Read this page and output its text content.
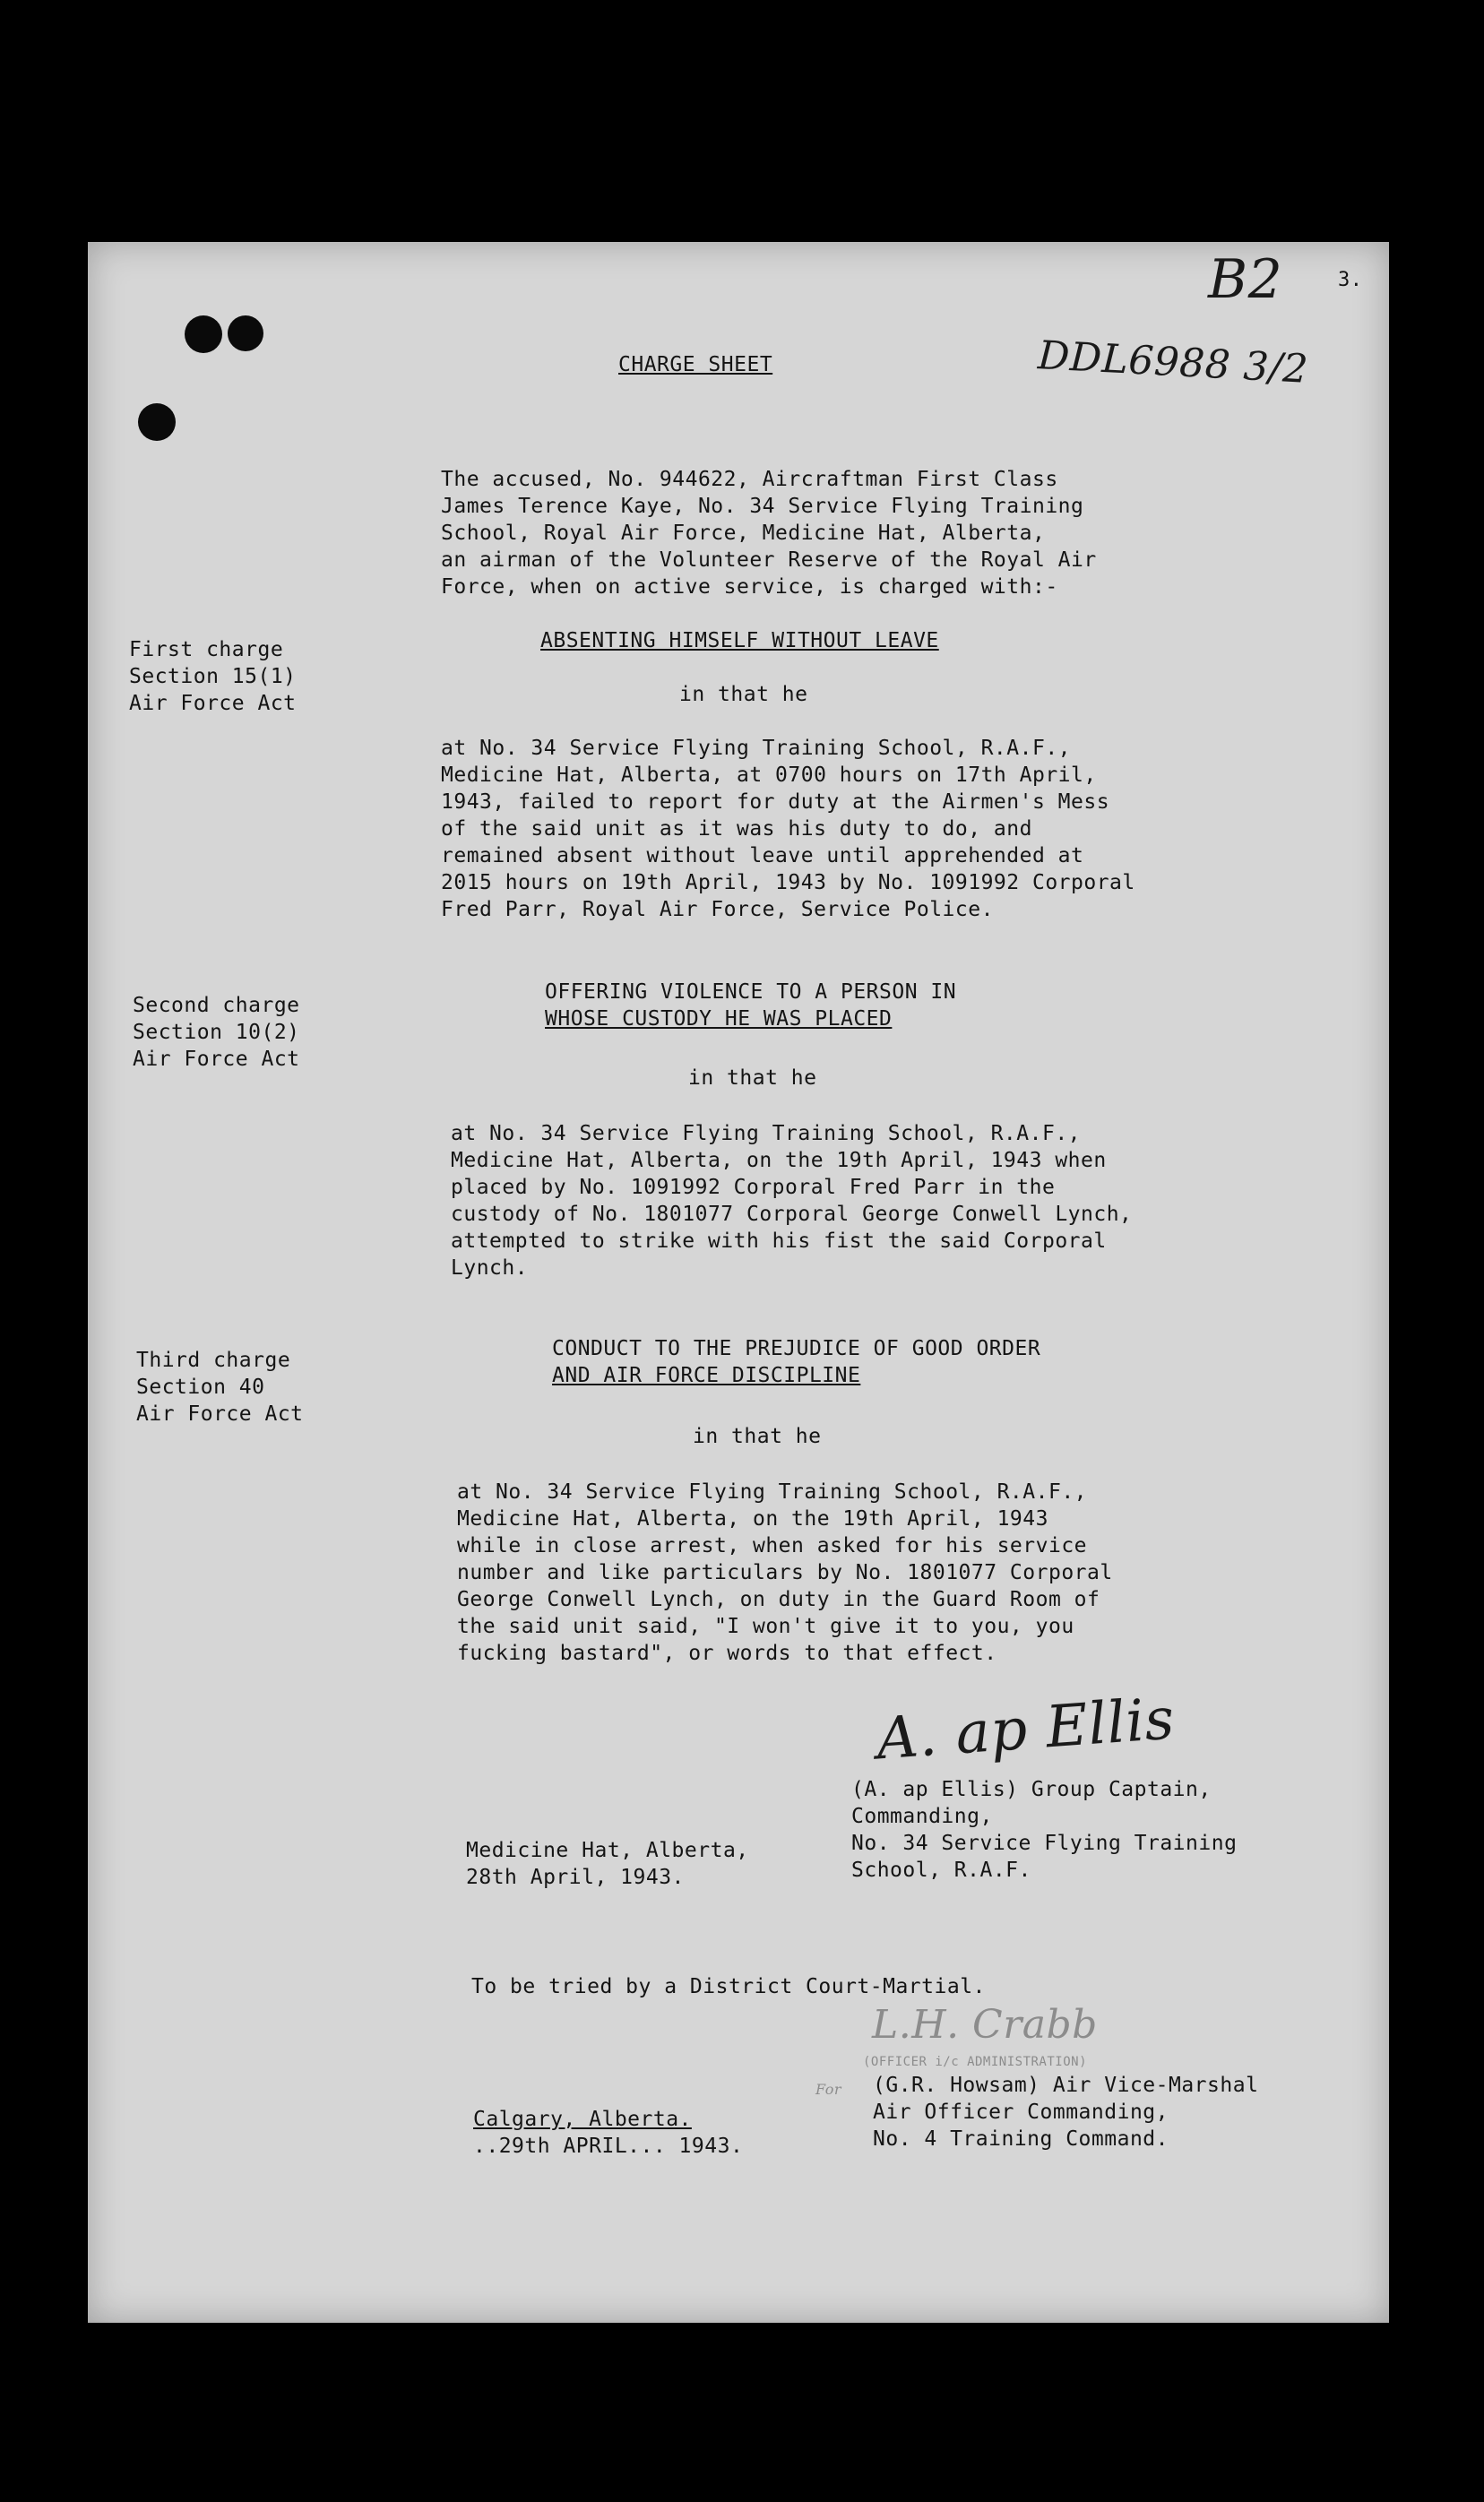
3.
B2
DDL6988 3/2
CHARGE SHEET
The accused, No. 944622, Aircraftman First Class
James Terence Kaye, No. 34 Service Flying Training
School, Royal Air Force, Medicine Hat, Alberta,
an airman of the Volunteer Reserve of the Royal Air
Force, when on active service, is charged with:-
First charge
Section 15(1)
Air Force Act
ABSENTING HIMSELF WITHOUT LEAVE
in that he
at No. 34 Service Flying Training School, R.A.F.,
Medicine Hat, Alberta, at 0700 hours on 17th April,
1943, failed to report for duty at the Airmen's Mess
of the said unit as it was his duty to do, and
remained absent without leave until apprehended at
2015 hours on 19th April, 1943 by No. 1091992 Corporal
Fred Parr, Royal Air Force, Service Police.
Second charge
Section 10(2)
Air Force Act
OFFERING VIOLENCE TO A PERSON IN
WHOSE CUSTODY HE WAS PLACED
in that he
at No. 34 Service Flying Training School, R.A.F.,
Medicine Hat, Alberta, on the 19th April, 1943 when
placed by No. 1091992 Corporal Fred Parr in the
custody of No. 1801077 Corporal George Conwell Lynch,
attempted to strike with his fist the said Corporal
Lynch.
Third charge
Section 40
Air Force Act
CONDUCT TO THE PREJUDICE OF GOOD ORDER
AND AIR FORCE DISCIPLINE
in that he
at No. 34 Service Flying Training School, R.A.F.,
Medicine Hat, Alberta, on the 19th April, 1943
while in close arrest, when asked for his service
number and like particulars by No. 1801077 Corporal
George Conwell Lynch, on duty in the Guard Room of
the said unit said, "I won't give it to you, you
fucking bastard", or words to that effect.
A. ap Ellis
(A. ap Ellis) Group Captain,
Commanding,
No. 34 Service Flying Training
School, R.A.F.
Medicine Hat, Alberta,
28th April, 1943.
To be tried by a District Court-Martial.
L.H. Crabb
(OFFICER i/c ADMINISTRATION)
For (G.R. Howsam) Air Vice-Marshal
Air Officer Commanding,
No. 4 Training Command.
Calgary, Alberta.
..29th APRIL... 1943.
